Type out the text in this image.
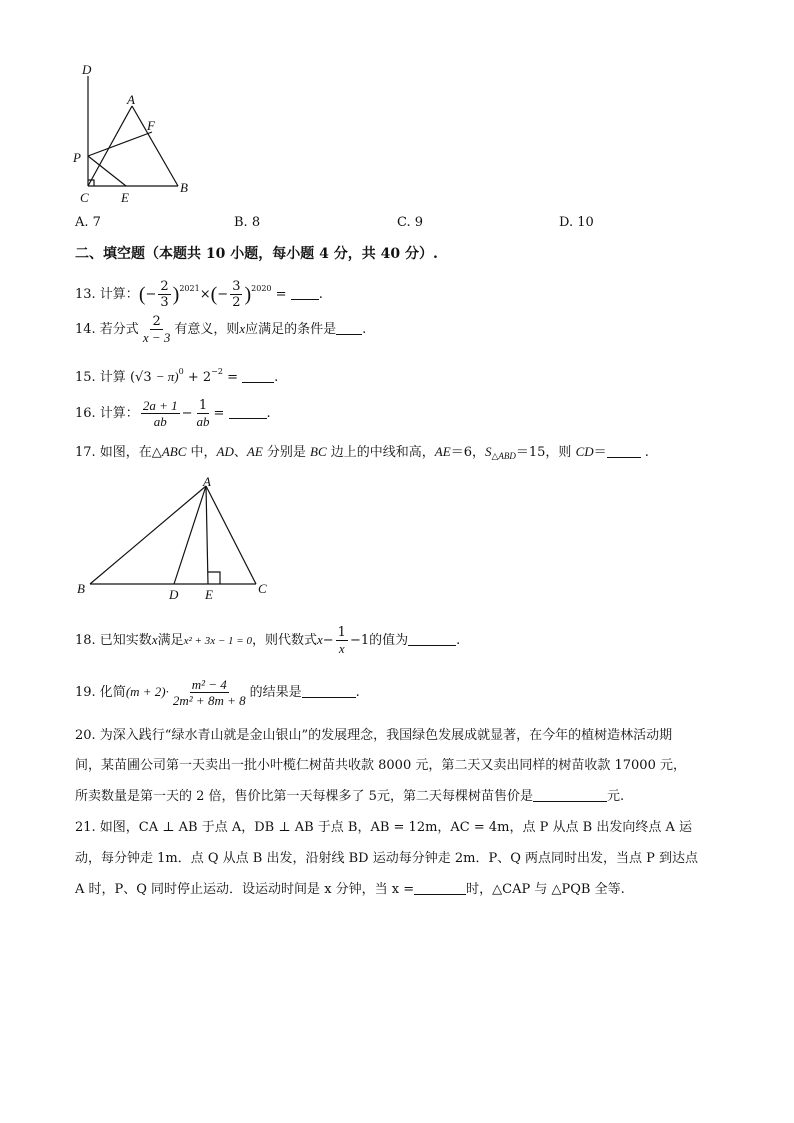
D
A
F
P
C E
B
A. 7	B. 8	C. 9	D. 10
二、填空题（本题共 10 小题，每小题 4 分，共 40 分）.
13. 计算：(− $\frac{2}{3} )^{2021}\times(- \frac{3}{2} )^{2020}$ = .
14. 若分式 $\frac{2}{x - 3}$ 有意义，则x应满足的条件是 .
15. 计算 $(√3 - \pi)^0 + 2^{-2}$ =	.
16. 计算： $\frac{2a + 1}{ab} - \frac{1}{ab}$ =	.
17. 如图，在△ABC 中，AD、AE 分别是 BC 边上的中线和高，AE＝6，$S_{\triangle ABD}=15$，则 CD＝	.
A
B	D E	C
18. 已知实数x满足x² + 3x − 1 = 0，则代数式$x- \frac{1}{x} -1$的值为	.
19. 化简$(m + 2)\cdot \frac{\text{m² − 4}}{\text{2m² + 8m + 8}}$ 的结果是	.
20. 为深入践行“绿水青山就是金山银山”的发展理念，我国绿色发展成就显著，在今年的植树造林活动期
间，某苗圃公司第一天卖出一批小叶榄仁树苗共收款 8000 元，第二天又卖出同样的树苗收款 17000 元，
所卖数量是第一天的 2 倍，售价比第一天每棵多了 5元，第二天每棵树苗售价是	元.
21. 如图，CA ⊥ AB 于点 A，DB ⊥ AB 于点 B，AB = 12m，AC = 4m，点 P 从点 B 出发向终点 A 运
动，每分钟走 1m．点 Q 从点 B 出发，沿射线 BD 运动每分钟走 2m．P、Q 两点同时出发，当点 P 到达点
A 时，P、Q 同时停止运动．设运动时间是 x 分钟，当 x =	时，△CAP 与 △PQB 全等.
